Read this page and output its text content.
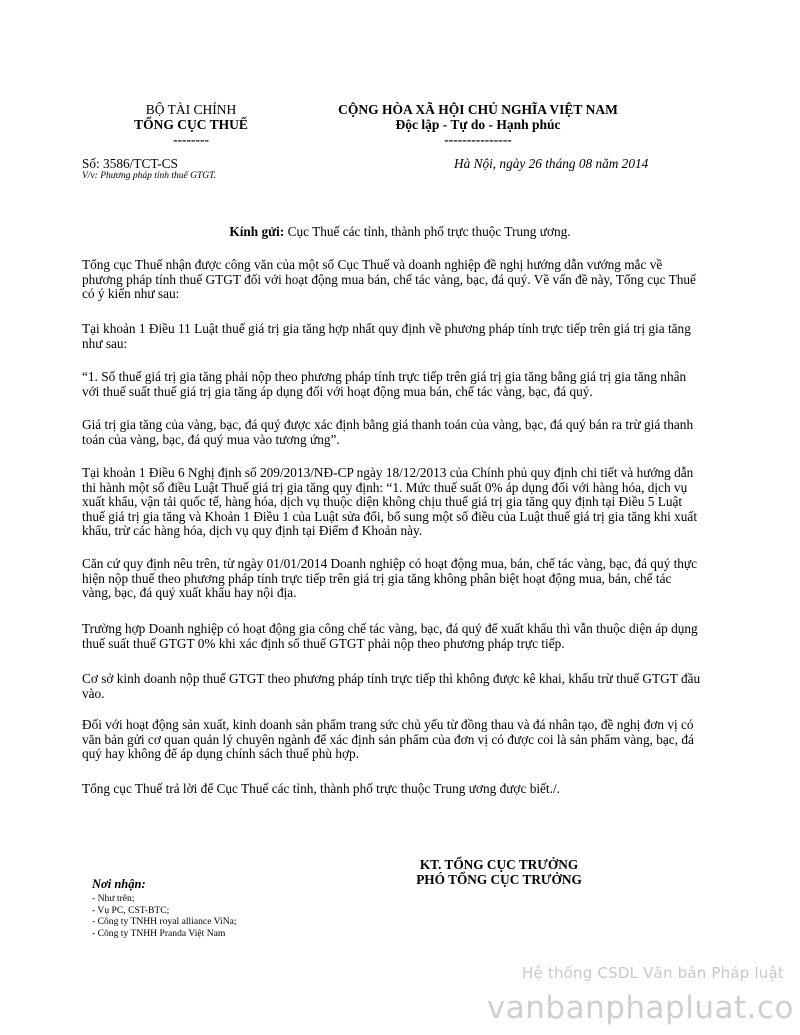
BỘ TÀI CHÍNH
TỔNG CỤC THUẾ
--------
CỘNG HÒA XÃ HỘI CHỦ NGHĨA VIỆT NAM
Độc lập - Tự do - Hạnh phúc
---------------
Số: 3586/TCT-CS
V/v: Phương pháp tính thuế GTGT.
Hà Nội, ngày 26 tháng 08 năm 2014
Kính gửi: Cục Thuế các tỉnh, thành phố trực thuộc Trung ương.

Tổng cục Thuế nhận được công văn của một số Cục Thuế và doanh nghiệp đề nghị hướng dẫn vướng mắc về phương pháp tính thuế GTGT đối với hoạt động mua bán, chế tác vàng, bạc, đá quý. Về vấn đề này, Tổng cục Thuế có ý kiến như sau:

Tại khoản 1 Điều 11 Luật thuế giá trị gia tăng hợp nhất quy định về phương pháp tính trực tiếp trên giá trị gia tăng như sau:

“1. Số thuế giá trị gia tăng phải nộp theo phương pháp tính trực tiếp trên giá trị gia tăng bằng giá trị gia tăng nhân với thuế suất thuế giá trị gia tăng áp dụng đối với hoạt động mua bán, chế tác vàng, bạc, đá quý.

Giá trị gia tăng của vàng, bạc, đá quý được xác định bằng giá thanh toán của vàng, bạc, đá quý bán ra trừ giá thanh toán của vàng, bạc, đá quý mua vào tương ứng”.

Tại khoản 1 Điều 6 Nghị định số 209/2013/NĐ-CP ngày 18/12/2013 của Chính phủ quy định chi tiết và hướng dẫn thi hành một số điều Luật Thuế giá trị gia tăng quy định: “1. Mức thuế suất 0% áp dụng đối với hàng hóa, dịch vụ xuất khẩu, vận tải quốc tế, hàng hóa, dịch vụ thuộc diện không chịu thuế giá trị gia tăng quy định tại Điều 5 Luật thuế giá trị gia tăng và Khoản 1 Điều 1 của Luật sửa đổi, bổ sung một số điều của Luật thuế giá trị gia tăng khi xuất khẩu, trừ các hàng hóa, dịch vụ quy định tại Điểm đ Khoản này.

Căn cứ quy định nêu trên, từ ngày 01/01/2014 Doanh nghiệp có hoạt động mua, bán, chế tác vàng, bạc, đá quý thực hiện nộp thuế theo phương pháp tính trực tiếp trên giá trị gia tăng không phân biệt hoạt động mua, bán, chế tác vàng, bạc, đá quý xuất khẩu hay nội địa.

Trường hợp Doanh nghiệp có hoạt động gia công chế tác vàng, bạc, đá quý để xuất khẩu thì vẫn thuộc diện áp dụng thuế suất thuế GTGT 0% khi xác định số thuế GTGT phải nộp theo phương pháp trực tiếp.

Cơ sở kinh doanh nộp thuế GTGT theo phương pháp tính trực tiếp thì không được kê khai, khấu trừ thuế GTGT đầu vào.

Đối với hoạt động sản xuất, kinh doanh sản phẩm trang sức chủ yếu từ đồng thau và đá nhân tạo, đề nghị đơn vị có văn bản gửi cơ quan quản lý chuyên ngành để xác định sản phẩm của đơn vị có được coi là sản phẩm vàng, bạc, đá quý hay không để áp dụng chính sách thuế phù hợp.

Tổng cục Thuế trả lời để Cục Thuế các tỉnh, thành phố trực thuộc Trung ương được biết./.

KT. TỔNG CỤC TRƯỞNG
PHÓ TỔNG CỤC TRƯỞNG
Nơi nhận:
- Như trên;
- Vụ PC, CST-BTC;
- Công ty TNHH royal alliance ViNa;
- Công ty TNHH Pranda Việt Nam
Hệ thống CSDL Văn bản Pháp luật
vanbanphapluat.co
